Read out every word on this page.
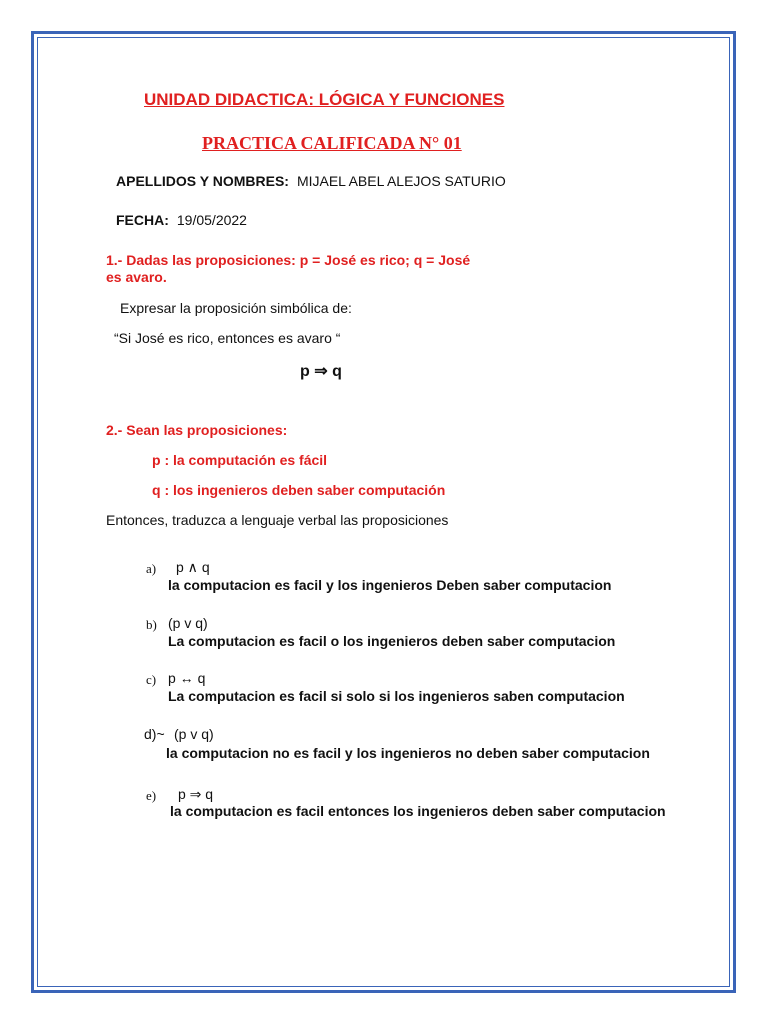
UNIDAD DIDACTICA: LÓGICA Y FUNCIONES
PRACTICA CALIFICADA N° 01
APELLIDOS Y NOMBRES: MIJAEL ABEL ALEJOS SATURIO
FECHA: 19/05/2022
1.- Dadas las proposiciones: p = José es rico; q = José
es avaro.
Expresar la proposición simbólica de:
“Si José es rico, entonces es avaro “
p ⇒ q
2.- Sean las proposiciones:
p : la computación es fácil
q : los ingenieros deben saber computación
Entonces, traduzca a lenguaje verbal las proposiciones
a) p ∧ q
la computacion es facil y los ingenieros Deben saber computacion
b) (p v q)
La computacion es facil o los ingenieros deben saber computacion
c) p ↔ q
La computacion es facil si solo si los ingenieros saben computacion
d)~ (p v q)
la computacion no es facil y los ingenieros no deben saber computacion
e) p ⇒ q
la computacion es facil entonces los ingenieros deben saber computacion
